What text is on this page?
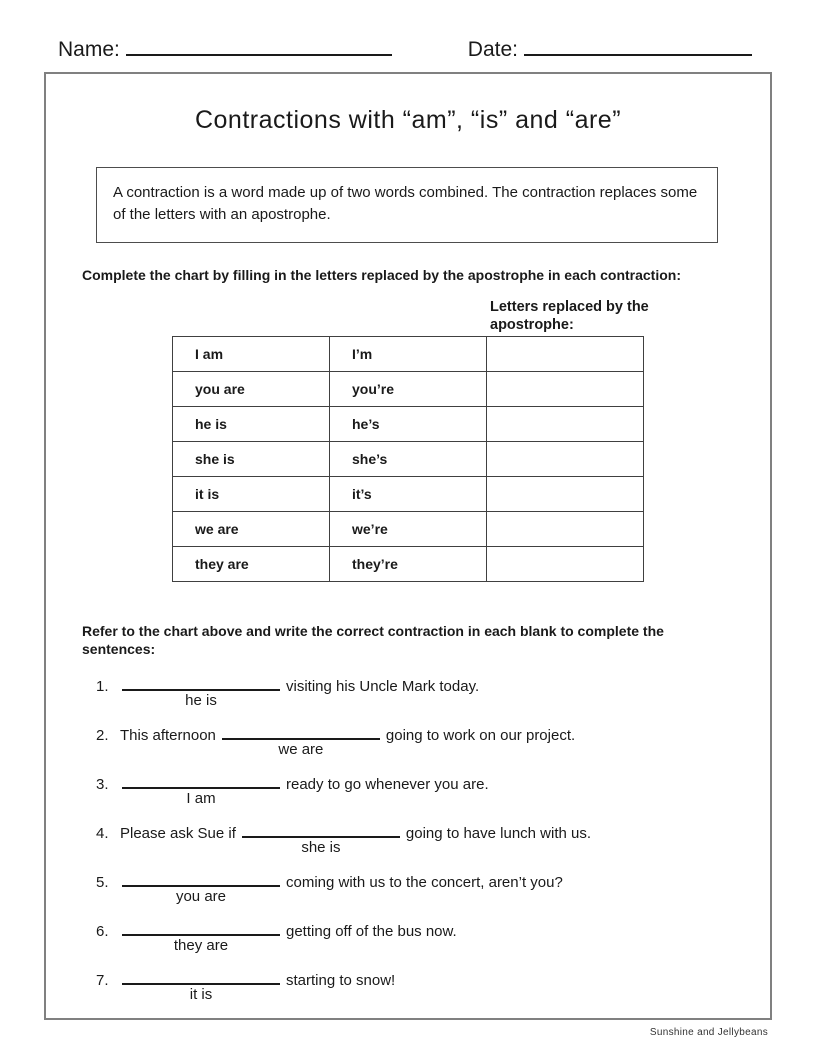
Name:	Date:
Contractions with “am”, “is” and “are”
A contraction is a word made up of two words combined. The contraction replaces some of the letters with an apostrophe.
Complete the chart by filling in the letters replaced by the apostrophe in each contraction:
Letters replaced by the apostrophe:
I am	I’m	
you are	you’re	
he is	he’s	
she is	she’s	
it is	it’s	
we are	we’re	
they are	they’re	
Refer to the chart above and write the correct contraction in each blank to complete the sentences:
1.
he is
visiting his Uncle Mark today.
2. This afternoon
we are
going to work on our project.
3.
I am
ready to go whenever you are.
4. Please ask Sue if
she is
going to have lunch with us.
5.
you are
coming with us to the concert, aren’t you?
6.
they are
getting off of the bus now.
7.
it is
starting to snow!
Sunshine and Jellybeans
